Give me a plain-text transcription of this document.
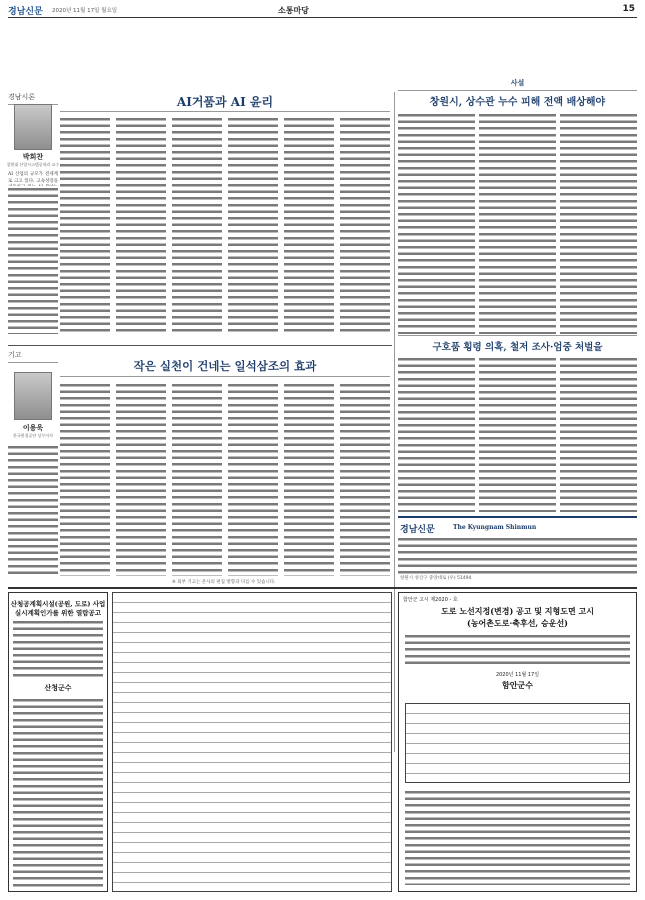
경남신문 2020년 11월 17일 월요일	소통마당	15
경남시론	AI거품과 AI 윤리
박희찬
창원대 산업시스템공학과 교수
AI 산업의 규모가 전세계로 크고 있다. 고속성장을
사설
창원시, 상수관 누수 피해 전액 배상해야
구호품 횡령 의혹, 철저 조사·엄중 처벌을
경남신문	The Kyungnam Shinmun
창원시 성산구 중앙대로 (우) 51494
기고
작은 실천이 건네는 일석삼조의 효과
이용욱
한국환경공단 상무이사
※ 외부 기고는 본사의 편집 방향과 다를 수 있습니다.
산청공계획시설(공원, 도로) 사업
실시계획인가를 위한 열람공고
산청군수
함안군 고시 제2020 - 호
도로 노선지정(변경) 공고 및 지형도면 고시
(농어촌도로·축후선, 승운선)
2020년 11월 17일
함안군수
